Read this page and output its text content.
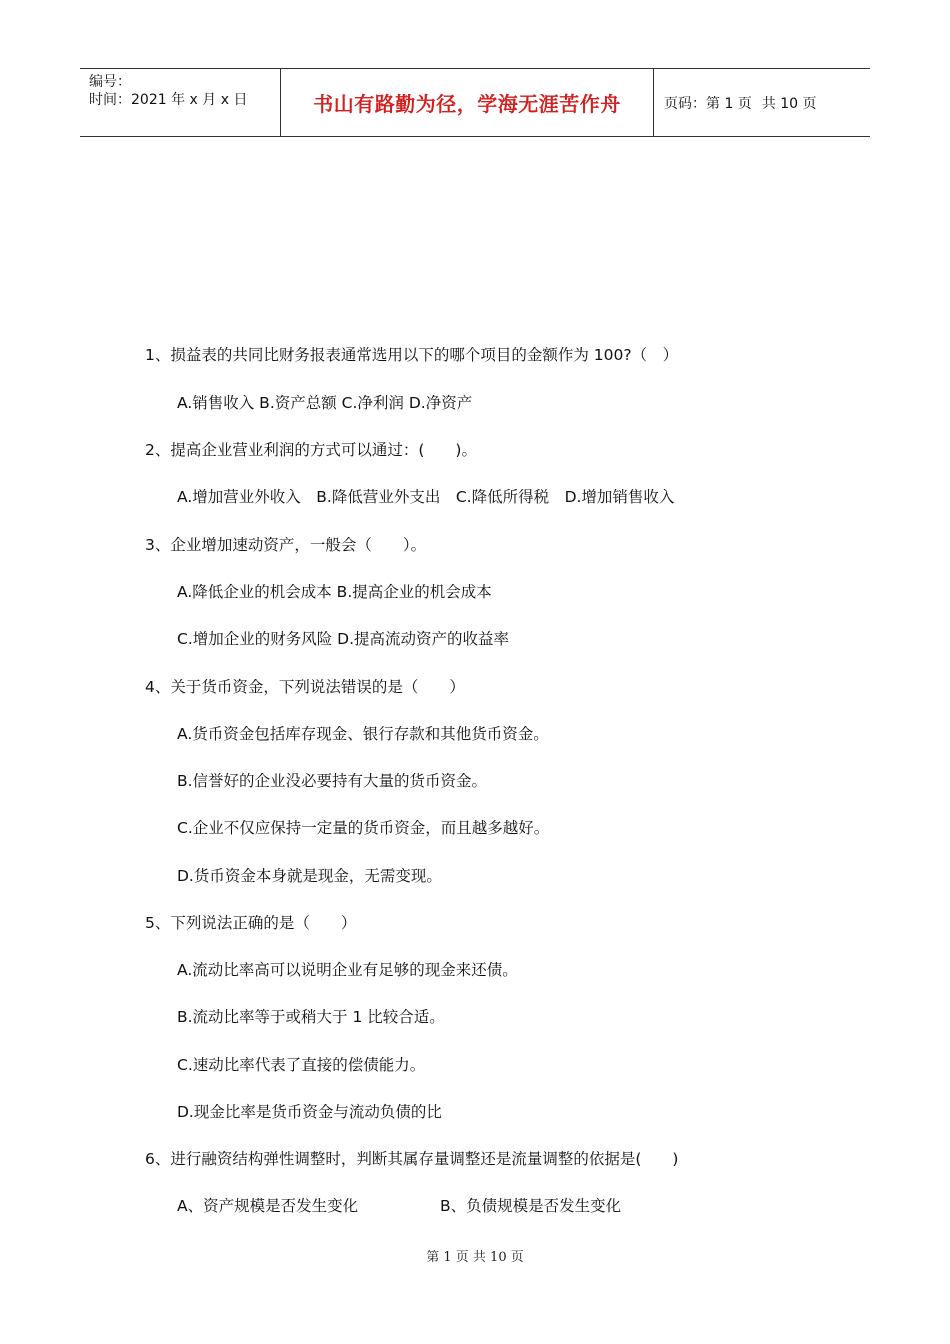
编号：
时间：2021 年 x 月 x 日	书山有路勤为径，学海无涯苦作舟	页码：第 1 页 共 10 页
1、损益表的共同比财务报表通常选用以下的哪个项目的金额作为 100?（　）
A.销售收入 B.资产总额 C.净利润 D.净资产
2、提高企业营业利润的方式可以通过：(　　)。
A.增加营业外收入　B.降低营业外支出　C.降低所得税　D.增加销售收入
3、企业增加速动资产，一般会（　　）。
A.降低企业的机会成本 B.提高企业的机会成本
C.增加企业的财务风险 D.提高流动资产的收益率
4、关于货币资金，下列说法错误的是（　　）
A.货币资金包括库存现金、银行存款和其他货币资金。
B.信誉好的企业没必要持有大量的货币资金。
C.企业不仅应保持一定量的货币资金，而且越多越好。
D.货币资金本身就是现金，无需变现。
5、下列说法正确的是（　　）
A.流动比率高可以说明企业有足够的现金来还债。
B.流动比率等于或稍大于 1 比较合适。
C.速动比率代表了直接的偿债能力。
D.现金比率是货币资金与流动负债的比
6、进行融资结构弹性调整时，判断其属存量调整还是流量调整的依据是(　　)
A、资产规模是否发生变化	B、负债规模是否发生变化
第 1 页 共 10 页
